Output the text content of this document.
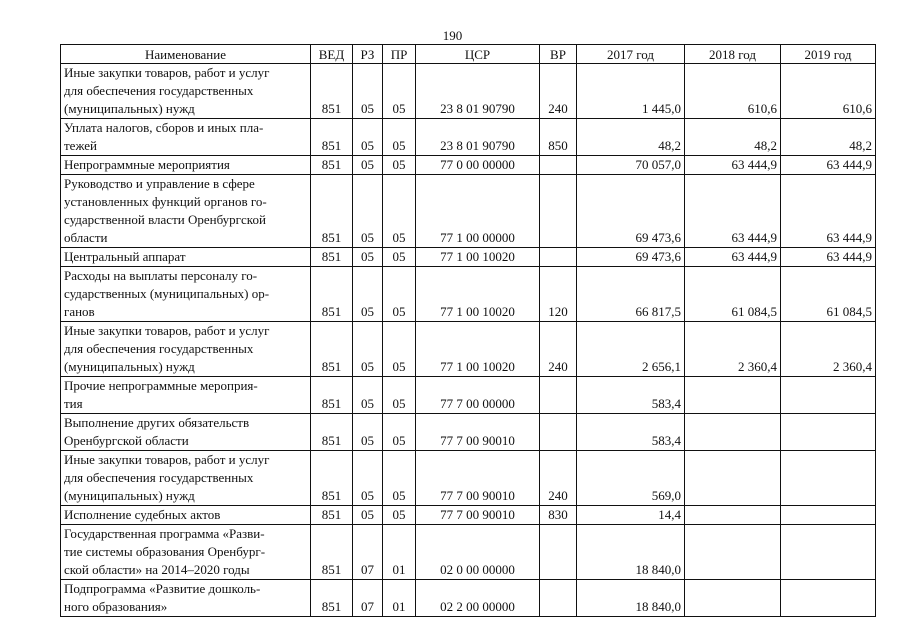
190
Наименование	ВЕД	РЗ	ПР	ЦСР	ВР	2017 год	2018 год	2019 год
Иные закупки товаров, работ и услуг
для обеспечения государственных
(муниципальных) нужд	851	05	05	23 8 01 90790	240	1 445,0	610,6	610,6
Уплата налогов, сборов и иных пла-
тежей	851	05	05	23 8 01 90790	850	48,2	48,2	48,2
Непрограммные мероприятия	851	05	05	77 0 00 00000		70 057,0	63 444,9	63 444,9
Руководство и управление в сфере
установленных функций органов го-
сударственной власти Оренбургской
области	851	05	05	77 1 00 00000		69 473,6	63 444,9	63 444,9
Центральный аппарат	851	05	05	77 1 00 10020		69 473,6	63 444,9	63 444,9
Расходы на выплаты персоналу го-
сударственных (муниципальных) ор-
ганов	851	05	05	77 1 00 10020	120	66 817,5	61 084,5	61 084,5
Иные закупки товаров, работ и услуг
для обеспечения государственных
(муниципальных) нужд	851	05	05	77 1 00 10020	240	2 656,1	2 360,4	2 360,4
Прочие непрограммные мероприя-
тия	851	05	05	77 7 00 00000		583,4		
Выполнение других обязательств
Оренбургской области	851	05	05	77 7 00 90010		583,4		
Иные закупки товаров, работ и услуг
для обеспечения государственных
(муниципальных) нужд	851	05	05	77 7 00 90010	240	569,0		
Исполнение судебных актов	851	05	05	77 7 00 90010	830	14,4		
Государственная программа «Разви-
тие системы образования Оренбург-
ской области» на 2014–2020 годы	851	07	01	02 0 00 00000		18 840,0		
Подпрограмма «Развитие дошколь-
ного образования»	851	07	01	02 2 00 00000		18 840,0		
